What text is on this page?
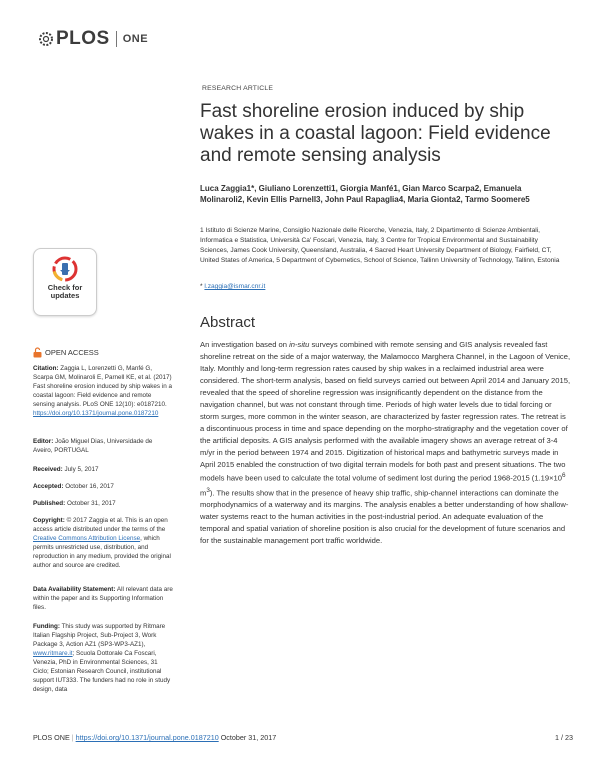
PLOS ONE
Check for
updates
OPEN ACCESS
Citation: Zaggia L, Lorenzetti G, Manfé G, Scarpa GM, Molinaroli E, Parnell KE, et al. (2017) Fast shoreline erosion induced by ship wakes in a coastal lagoon: Field evidence and remote sensing analysis. PLoS ONE 12(10): e0187210. https://doi.org/10.1371/journal.pone.0187210
Editor: João Miguel Dias, Universidade de Aveiro, PORTUGAL
Received: July 5, 2017
Accepted: October 16, 2017
Published: October 31, 2017
Copyright: © 2017 Zaggia et al. This is an open access article distributed under the terms of the Creative Commons Attribution License, which permits unrestricted use, distribution, and reproduction in any medium, provided the original author and source are credited.
Data Availability Statement: All relevant data are within the paper and its Supporting Information files.
Funding: This study was supported by Ritmare Italian Flagship Project, Sub-Project 3, Work Package 3, Action AZ1 (SP3-WP3-AZ1), www.ritmare.it; Scuola Dottorale Ca Foscari, Venezia, PhD in Environmental Sciences, 31 Ciclo; Estonian Research Council, institutional support IUT333. The funders had no role in study design, data
RESEARCH ARTICLE
Fast shoreline erosion induced by ship wakes in a coastal lagoon: Field evidence and remote sensing analysis
Luca Zaggia1*, Giuliano Lorenzetti1, Giorgia Manfé1, Gian Marco Scarpa2, Emanuela Molinaroli2, Kevin Ellis Parnell3, John Paul Rapaglia4, Maria Gionta2, Tarmo Soomere5
1 Istituto di Scienze Marine, Consiglio Nazionale delle Ricerche, Venezia, Italy, 2 Dipartimento di Scienze Ambientali, Informatica e Statistica, Università Ca' Foscari, Venezia, Italy, 3 Centre for Tropical Environmental and Sustainability Sciences, James Cook University, Queensland, Australia, 4 Sacred Heart University Department of Biology, Fairfield, CT, United States of America, 5 Department of Cybernetics, School of Science, Tallinn University of Technology, Tallinn, Estonia
* l.zaggia@ismar.cnr.it
Abstract
An investigation based on in-situ surveys combined with remote sensing and GIS analysis revealed fast shoreline retreat on the side of a major waterway, the Malamocco Marghera Channel, in the Lagoon of Venice, Italy. Monthly and long-term regression rates caused by ship wakes in a reclaimed industrial area were considered. The short-term analysis, based on field surveys carried out between April 2014 and January 2015, revealed that the speed of shoreline regression was insignificantly dependent on the distance from the navigation channel, but was not constant through time. Periods of high water levels due to tidal forcing or storm surges, more common in the winter season, are characterized by faster regression rates. The retreat is a discontinuous process in time and space depending on the morpho-stratigraphy and the vegetation cover of the artificial deposits. A GIS analysis performed with the available imagery shows an average retreat of 3-4 m/yr in the period between 1974 and 2015. Digitization of historical maps and bathymetric surveys made in April 2015 enabled the construction of two digital terrain models for both past and present situations. The two models have been used to calculate the total volume of sediment lost during the period 1968-2015 ($1.19\times 10^6$ $m^3$). The results show that in the presence of heavy ship traffic, ship-channel interactions can dominate the morphodynamics of a waterway and its margins. The analysis enables a better understanding of how shallow-water systems react to the human activities in the post-industrial period. An adequate evaluation of the temporal and spatial variation of shoreline position is also crucial for the development of future scenarios and for the sustainable management port traffic worldwide.
PLOS ONE | https://doi.org/10.1371/journal.pone.0187210 October 31, 2017	1 / 23
